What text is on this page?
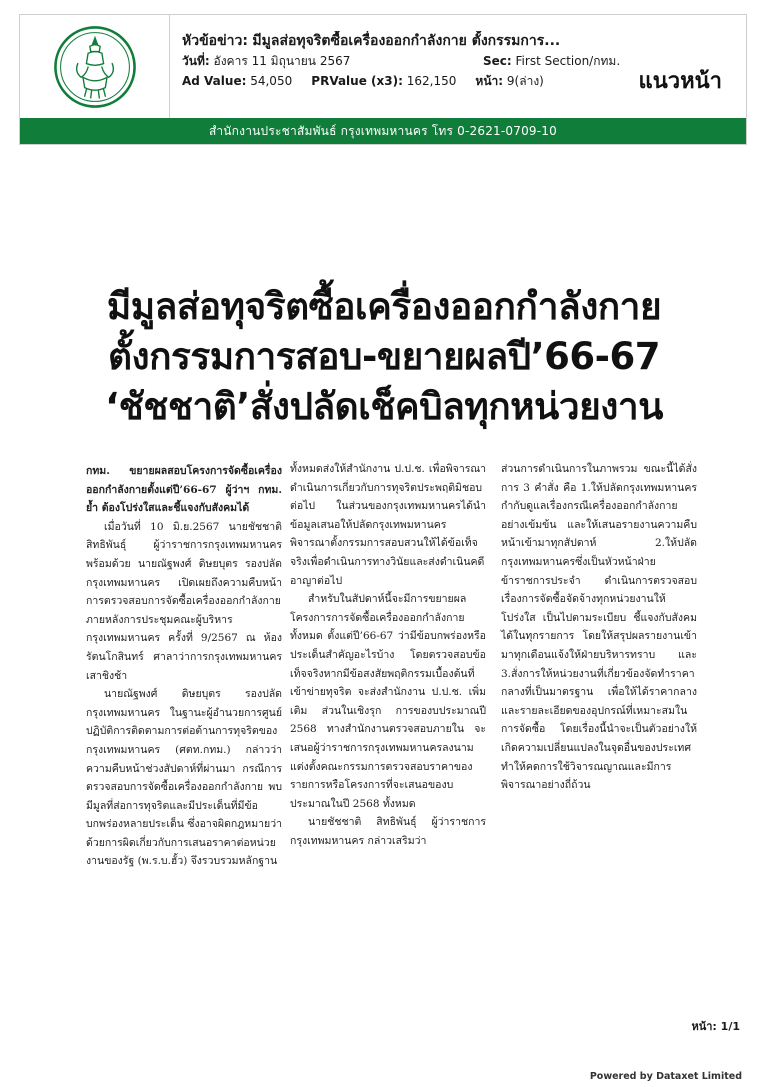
หัวข้อข่าว: มีมูลส่อทุจริตซื้อเครื่องออกกำลังกาย ตั้งกรรมการ...
วันที่: อังคาร 11 มิถุนายน 2567	Sec: First Section/กทม.
Ad Value: 54,050 PRValue (x3): 162,150 หน้า: 9(ล่าง)	แนวหน้า
สำนักงานประชาสัมพันธ์ กรุงเทพมหานคร โทร 0-2621-0709-10
มีมูลส่อทุจริตซื้อเครื่องออกกำลังกาย
ตั้งกรรมการสอบ-ขยายผลปี’66-67
‘ชัชชาติ’สั่งปลัดเช็คบิลทุกหน่วยงาน

กทม. ขยายผลสอบโครงการจัดซื้อเครื่องออกกำลังกายตั้งแต่ปี’66-67 ผู้ว่าฯ กทม. ย้ำ ต้องโปร่งใสและชี้แจงกับสังคมได้

เมื่อวันที่ 10 มิ.ย.2567 นายชัชชาติ สิทธิพันธุ์ ผู้ว่าราชการกรุงเทพมหานคร พร้อมด้วย นายณัฐพงศ์ ดิษยบุตร รองปลัดกรุงเทพมหานคร เปิดเผยถึงความคืบหน้าการตรวจสอบการจัดซื้อเครื่องออกกำลังกาย ภายหลังการประชุมคณะผู้บริหารกรุงเทพมหานคร ครั้งที่ 9/2567 ณ ห้องรัตนโกสินทร์ ศาลาว่าการกรุงเทพมหานคร เสาชิงช้า

นายณัฐพงศ์ ดิษยบุตร รองปลัดกรุงเทพมหานคร ในฐานะผู้อำนวยการศูนย์ปฏิบัติการติดตามการต่อต้านการทุจริตของกรุงเทพมหานคร (ศตท.กทม.) กล่าวว่า ความคืบหน้าช่วงสัปดาห์ที่ผ่านมา กรณีการตรวจสอบการจัดซื้อเครื่องออกกำลังกาย พบมีมูลที่ส่อการทุจริตและมีประเด็นที่มีข้อบกพร่องหลายประเด็น ซึ่งอาจผิดกฎหมายว่าด้วยการผิดเกี่ยวกับการเสนอราคาต่อหน่วยงานของรัฐ (พ.ร.บ.ฮั้ว) จึงรวบรวมหลักฐาน

ทั้งหมดส่งให้สำนักงาน ป.ป.ช. เพื่อพิจารณาดำเนินการเกี่ยวกับการทุจริตประพฤติมิชอบต่อไป ในส่วนของกรุงเทพมหานครได้นำข้อมูลเสนอให้ปลัดกรุงเทพมหานครพิจารณาตั้งกรรมการสอบสวนให้ได้ข้อเท็จจริงเพื่อดำเนินการทางวินัยและส่งดำเนินคดีอาญาต่อไป

สำหรับในสัปดาห์นี้จะมีการขยายผล โครงการการจัดซื้อเครื่องออกกำลังกายทั้งหมด ตั้งแต่ปี’66-67 ว่ามีข้อบกพร่องหรือประเด็นสำคัญอะไรบ้าง โดยตรวจสอบข้อเท็จจริงหากมีข้อสงสัยพฤติกรรมเบื้องต้นที่เข้าข่ายทุจริต จะส่งสำนักงาน ป.ป.ช. เพิ่มเติม ส่วนในเชิงรุก การของบประมาณปี 2568 ทางสำนักงานตรวจสอบภายใน จะเสนอผู้ว่าราชการกรุงเทพมหานครลงนามแต่งตั้งคณะกรรมการตรวจสอบราคาของรายการหรือโครงการที่จะเสนอของบประมาณในปี 2568 ทั้งหมด

นายชัชชาติ สิทธิพันธุ์ ผู้ว่าราชการกรุงเทพมหานคร กล่าวเสริมว่า

ส่วนการดำเนินการในภาพรวม ขณะนี้ได้สั่งการ 3 คำสั่ง คือ 1.ให้ปลัดกรุงเทพมหานครกำกับดูแลเรื่องกรณีเครื่องออกกำลังกายอย่างเข้มข้น และให้เสนอรายงานความคืบหน้าเข้ามาทุกสัปดาห์ 2.ให้ปลัดกรุงเทพมหานครซึ่งเป็นหัวหน้าฝ่ายข้าราชการประจำ ดำเนินการตรวจสอบเรื่องการจัดซื้อจัดจ้างทุกหน่วยงานให้โปร่งใส เป็นไปตามระเบียบ ชี้แจงกับสังคมได้ในทุกรายการ โดยให้สรุปผลรายงานเข้ามาทุกเดือนแจ้งให้ฝ่ายบริหารทราบ และ 3.สั่งการให้หน่วยงานที่เกี่ยวข้องจัดทำราคากลางที่เป็นมาตรฐาน เพื่อให้ได้ราคากลางและรายละเอียดของอุปกรณ์ที่เหมาะสมในการจัดซื้อ โดยเรื่องนี้นำจะเป็นตัวอย่างให้เกิดความเปลี่ยนแปลงในจุดอื่นของประเทศ ทำให้คดการใช้วิจารณญาณและมีการพิจารณาอย่างถี่ถ้วน

หน้า: 1/1
Powered by Dataxet Limited
